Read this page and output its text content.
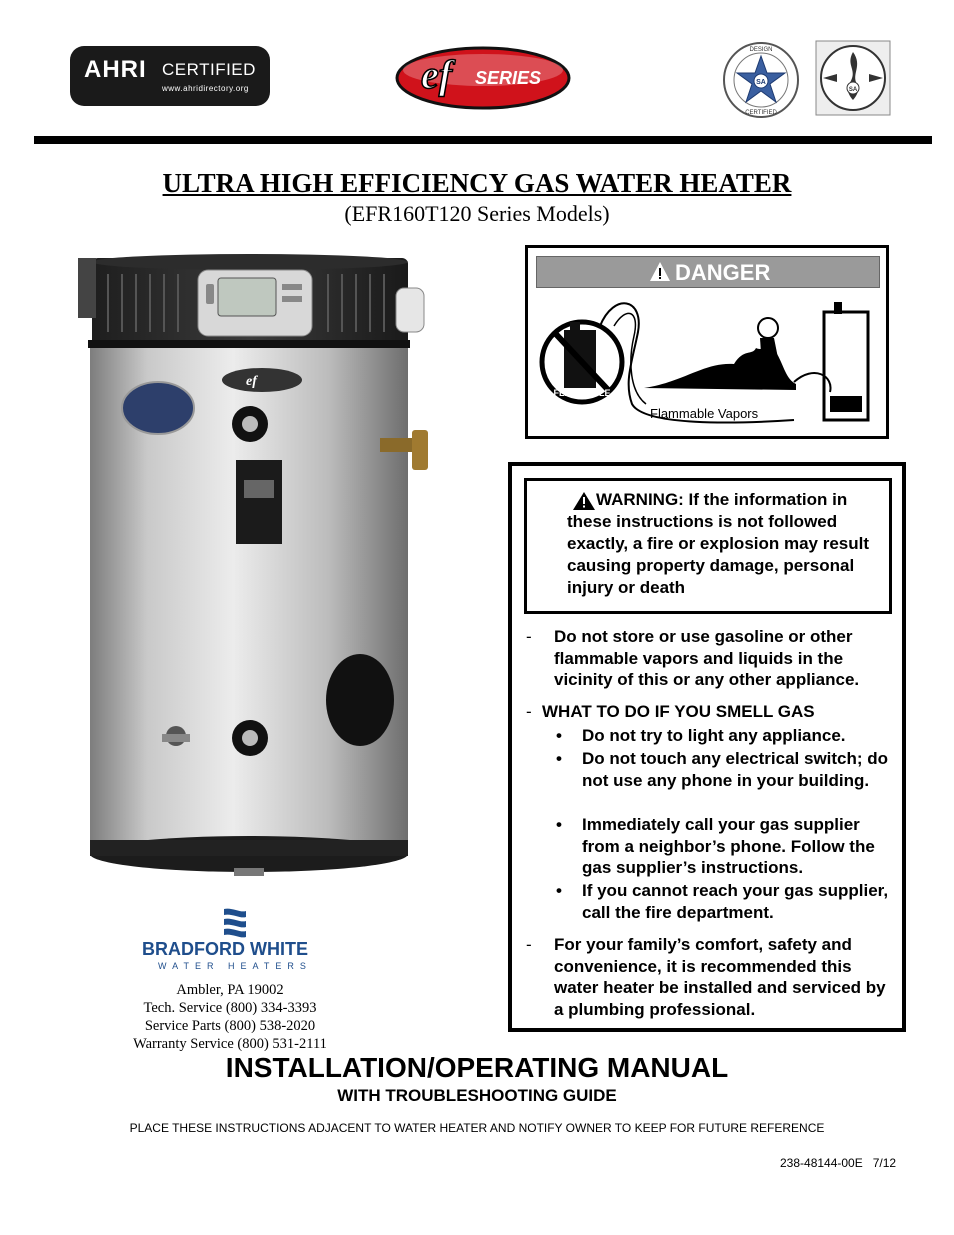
AHRI CERTIFIED
www.ahridirectory.org	ef SERIES	SA
DESIGN
CERTIFIED
SA
ULTRA HIGH EFFICIENCY GAS WATER HEATER
(EFR160T120 Series Models)
ef
DANGER
FLAMMABLE
Flammable Vapors
WARNING: If the information in these instructions is not followed exactly, a fire or explosion may result causing property damage, personal injury or death
- Do not store or use gasoline or other flammable vapors and liquids in the vicinity of this or any other appliance.
- WHAT TO DO IF YOU SMELL GAS
• Do not try to light any appliance.
• Do not touch any electrical switch; do not use any phone in your building.
• Immediately call your gas supplier from a neighbor’s phone. Follow the gas supplier’s instructions.
• If you cannot reach your gas supplier, call the fire department.
- For your family’s comfort, safety and convenience, it is recommended this water heater be installed and serviced by a plumbing professional.
BRADFORD WHITE
WATER HEATERS
Ambler, PA 19002
Tech. Service (800) 334-3393
Service Parts (800) 538-2020
Warranty Service (800) 531-2111
INSTALLATION/OPERATING MANUAL
WITH TROUBLESHOOTING GUIDE
PLACE THESE INSTRUCTIONS ADJACENT TO WATER HEATER AND NOTIFY OWNER TO KEEP FOR FUTURE REFERENCE
238-48144-00E   7/12
